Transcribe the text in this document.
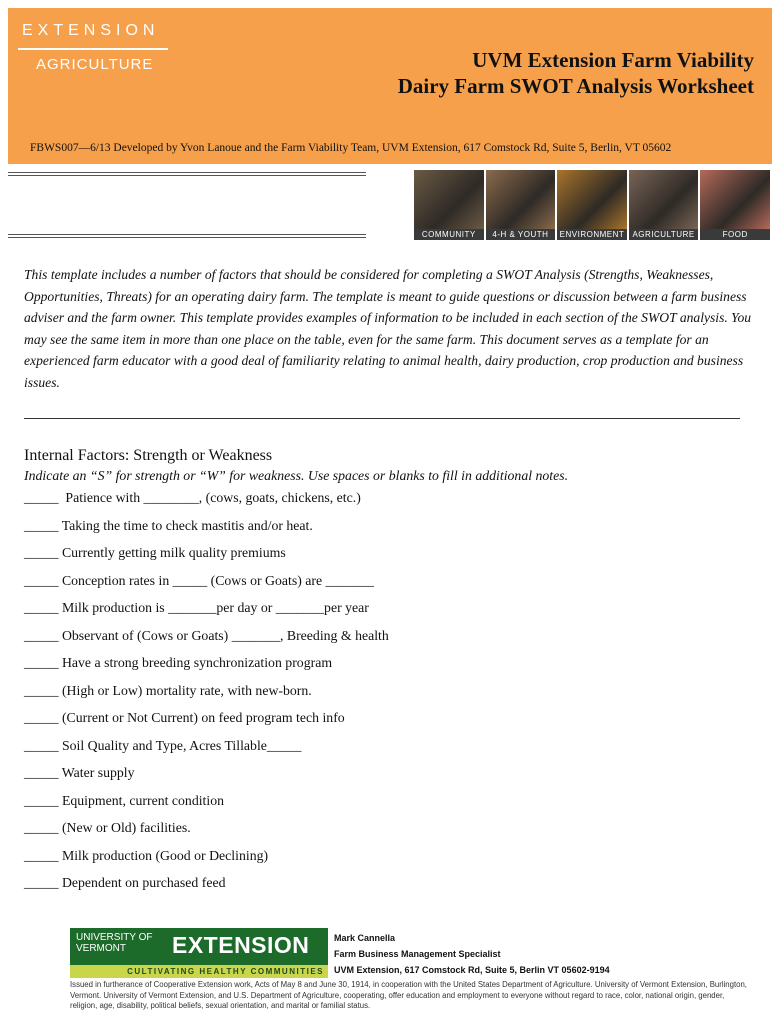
EXTENSION
AGRICULTURE	UVM Extension Farm Viability
Dairy Farm SWOT Analysis Worksheet
FBWS007—6/13 Developed by Yvon Lanoue and the Farm Viability Team, UVM Extension, 617 Comstock Rd, Suite 5, Berlin, VT 05602
COMMUNITY	4-H & YOUTH	ENVIRONMENT	AGRICULTURE	FOOD
This template includes a number of factors that should be considered for completing a SWOT Analysis (Strengths, Weaknesses, Opportunities, Threats) for an operating dairy farm. The template is meant to guide questions or discussion between a farm business adviser and the farm owner. This template provides examples of information to be included in each section of the SWOT analysis. You may see the same item in more than one place on the table, even for the same farm. This document serves as a template for an experienced farm educator with a good deal of familiarity relating to animal health, dairy production, crop production and business issues.
Internal Factors: Strength or Weakness
Indicate an “S” for strength or “W” for weakness. Use spaces or blanks to fill in additional notes.
_____  Patience with ________, (cows, goats, chickens, etc.)
_____ Taking the time to check mastitis and/or heat.
_____ Currently getting milk quality premiums
_____ Conception rates in _____ (Cows or Goats) are _______
_____ Milk production is _______per day or _______per year
_____ Observant of (Cows or Goats) _______, Breeding & health
_____ Have a strong breeding synchronization program
_____ (High or Low) mortality rate, with new-born.
_____ (Current or Not Current) on feed program tech info
_____ Soil Quality and Type, Acres Tillable_____
_____ Water supply
_____ Equipment, current condition
_____ (New or Old) facilities.
_____ Milk production (Good or Declining)
_____ Dependent on purchased feed
UNIVERSITY OF VERMONT	EXTENSION
CULTIVATING HEALTHY COMMUNITIES
Mark Cannella
Farm Business Management Specialist
UVM Extension, 617 Comstock Rd, Suite 5, Berlin VT 05602-9194
Issued in furtherance of Cooperative Extension work, Acts of May 8 and June 30, 1914, in cooperation with the United States Department of Agriculture. University of Vermont Extension, Burlington, Vermont. University of Vermont Extension, and U.S. Department of Agriculture, cooperating, offer education and employment to everyone without regard to race, color, national origin, gender, religion, age, disability, political beliefs, sexual orientation, and marital or familial status.
